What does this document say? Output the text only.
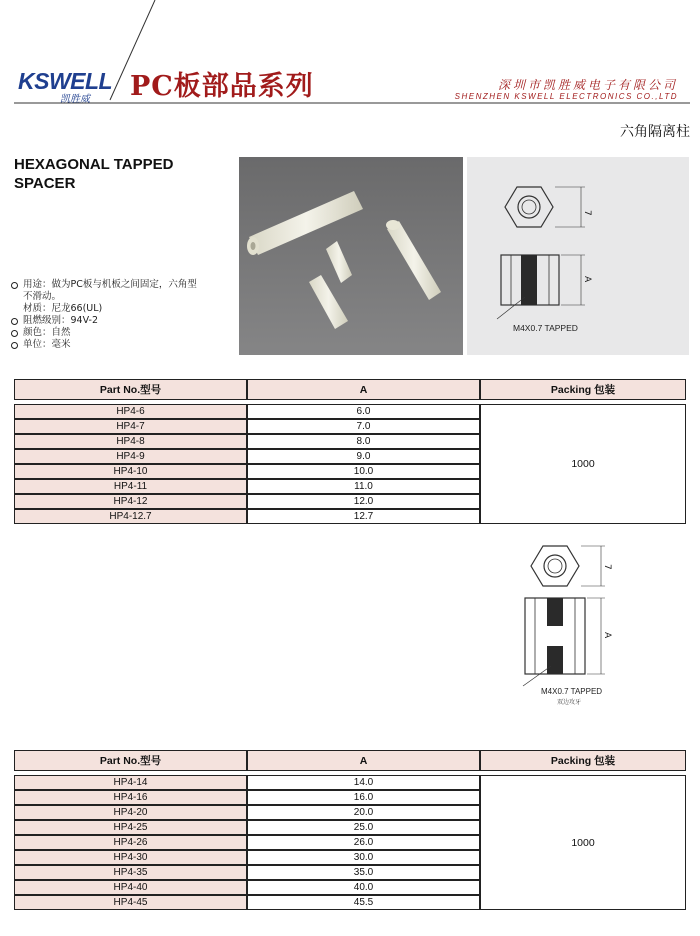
KSWELL
凯胜威 PC板部品系列	深圳市凯胜威电子有限公司
SHENZHEN KSWELL ELECTRONICS CO.,LTD
六角隔离柱
HEXAGONAL TAPPED
SPACER
用途：做为PC板与机板之间固定，六角型
不滑动。
材质：尼龙66(UL)
阻燃级别：94V-2
颜色：自然
单位：毫米
7
A
M4X0.7 TAPPED
Part No.型号	A	Packing 包装

HP4-6	6.0	1000
HP4-7	7.0	
HP4-8	8.0	
HP4-9	9.0	
HP4-10	10.0	
HP4-11	11.0	
HP4-12	12.0	
HP4-12.7	12.7	
7
A
M4X0.7 TAPPED
双边攻牙
Part No.型号	A	Packing 包装

HP4-14	14.0	1000
HP4-16	16.0	
HP4-20	20.0	
HP4-25	25.0	
HP4-26	26.0	
HP4-30	30.0	
HP4-35	35.0	
HP4-40	40.0	
HP4-45	45.5	
